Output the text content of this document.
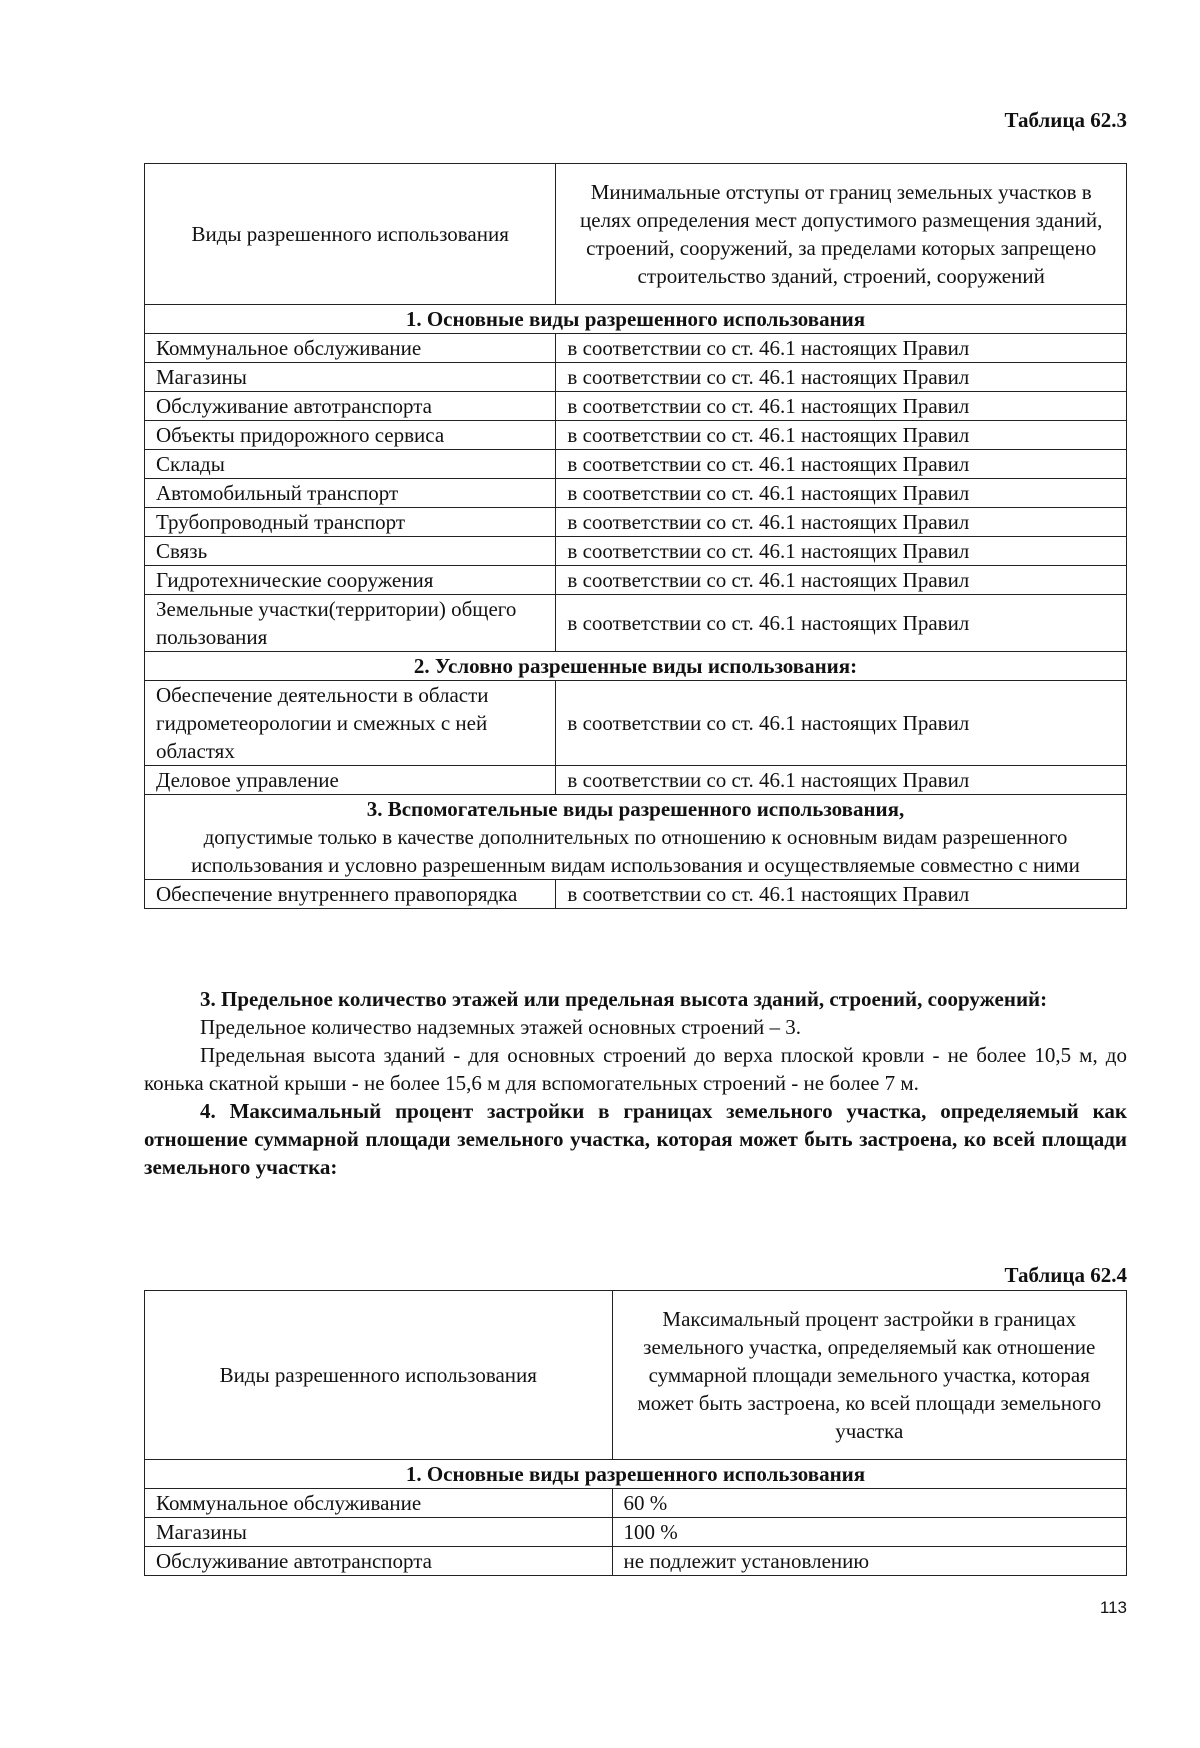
Таблица 62.3
Виды разрешенного использования	Минимальные отступы от границ земельных участков в целях определения мест допустимого размещения зданий, строений, сооружений, за пределами которых запрещено строительство зданий, строений, сооружений
1. Основные виды разрешенного использования	
Коммунальное обслуживание	в соответствии со ст. 46.1 настоящих Правил
Магазины	в соответствии со ст. 46.1 настоящих Правил
Обслуживание автотранспорта	в соответствии со ст. 46.1 настоящих Правил
Объекты придорожного сервиса	в соответствии со ст. 46.1 настоящих Правил
Склады	в соответствии со ст. 46.1 настоящих Правил
Автомобильный транспорт	в соответствии со ст. 46.1 настоящих Правил
Трубопроводный транспорт	в соответствии со ст. 46.1 настоящих Правил
Связь	в соответствии со ст. 46.1 настоящих Правил
Гидротехнические сооружения	в соответствии со ст. 46.1 настоящих Правил
Земельные участки(территории) общего пользования	в соответствии со ст. 46.1 настоящих Правил
2. Условно разрешенные виды использования:	
Обеспечение деятельности в области гидрометеорологии и смежных с ней областях	в соответствии со ст. 46.1 настоящих Правил
Деловое управление	в соответствии со ст. 46.1 настоящих Правил
3. Вспомогательные виды разрешенного использования,
допустимые только в качестве дополнительных по отношению к основным видам разрешенного использования и условно разрешенным видам использования и осуществляемые совместно с ними	

Обеспечение внутреннего правопорядка	в соответствии со ст. 46.1 настоящих Правил

3. Предельное количество этажей или предельная высота зданий, строений, сооружений:

Предельное количество надземных этажей основных строений – 3.

Предельная высота зданий - для основных строений до верха плоской кровли - не более 10,5 м, до конька скатной крыши - не более 15,6 м для вспомогательных строений - не более 7 м.

4. Максимальный процент застройки в границах земельного участка, определяемый как отношение суммарной площади земельного участка, которая может быть застроена, ко всей площади земельного участка:

Таблица 62.4
Виды разрешенного использования	Максимальный процент застройки в границах земельного участка, определяемый как отношение суммарной площади земельного участка, которая может быть застроена, ко всей площади земельного участка
1. Основные виды разрешенного использования	
Коммунальное обслуживание	60 %
Магазины	100 %
Обслуживание автотранспорта	не подлежит установлению
113
